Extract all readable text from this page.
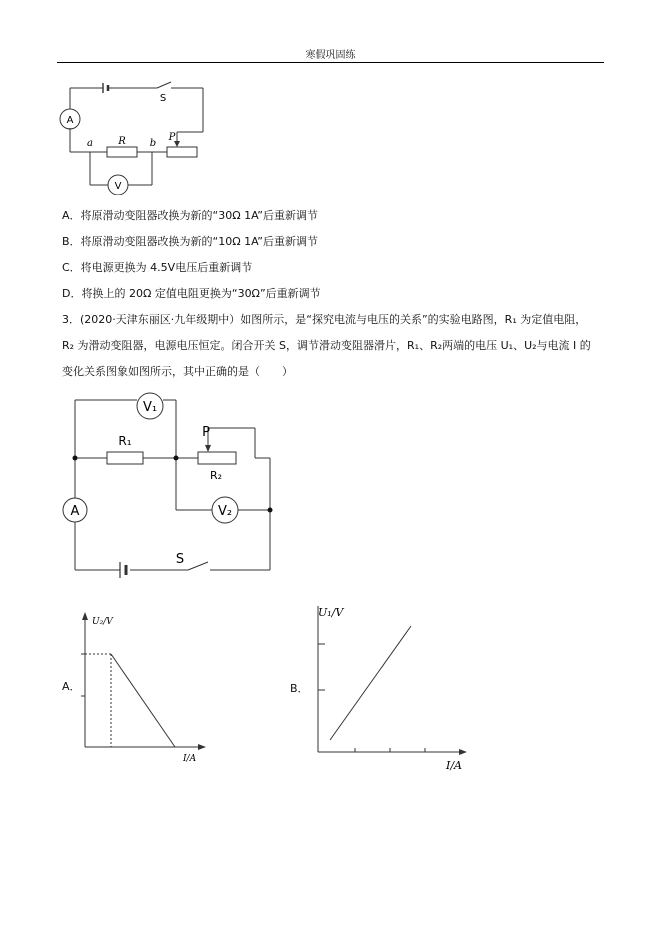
寒假巩固练
A
S
a	R b
P
V
A．将原滑动变阻器改换为新的“30Ω 1A”后重新调节
B．将原滑动变阻器改换为新的“10Ω 1A”后重新调节
C．将电源更换为 4.5V电压后重新调节
D．将换上的 20Ω 定值电阻更换为“30Ω”后重新调节
3．(2020·天津东丽区·九年级期中）如图所示，是“探究电流与电压的关系”的实验电路图，R₁ 为定值电阻，
R₂ 为滑动变阻器，电源电压恒定。闭合开关 S，调节滑动变阻器滑片，R₁、R₂两端的电压 U₁、U₂与电流 I 的
变化关系图象如图所示，其中正确的是（　　）
V₁
R₁
P
R₂
A	V₂
S
A．
U₂/V
I/A
B．
U₁/V
I/A
